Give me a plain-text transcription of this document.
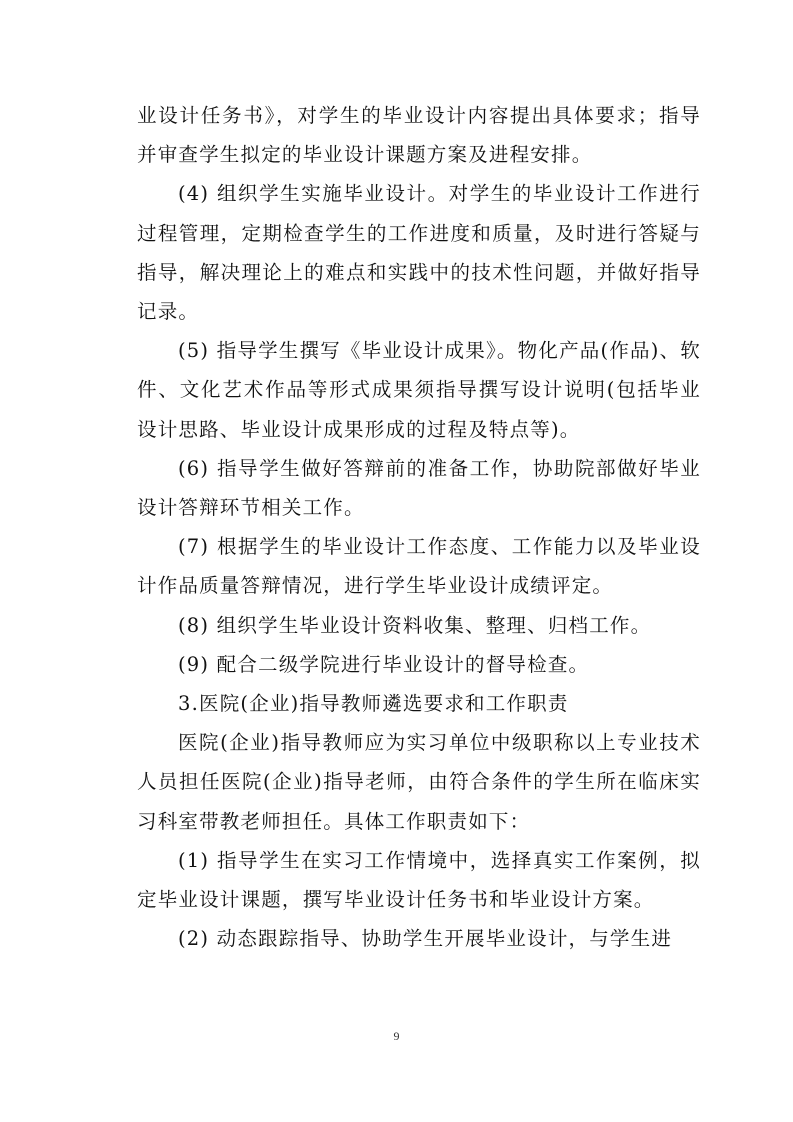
业设计任务书》，对学生的毕业设计内容提出具体要求；指导并审查学生拟定的毕业设计课题方案及进程安排。

(4) 组织学生实施毕业设计。对学生的毕业设计工作进行过程管理，定期检查学生的工作进度和质量，及时进行答疑与指导，解决理论上的难点和实践中的技术性问题，并做好指导记录。

(5) 指导学生撰写《毕业设计成果》。物化产品(作品)、软件、文化艺术作品等形式成果须指导撰写设计说明(包括毕业设计思路、毕业设计成果形成的过程及特点等)。

(6) 指导学生做好答辩前的准备工作，协助院部做好毕业设计答辩环节相关工作。

(7) 根据学生的毕业设计工作态度、工作能力以及毕业设计作品质量答辩情况，进行学生毕业设计成绩评定。

(8) 组织学生毕业设计资料收集、整理、归档工作。

(9) 配合二级学院进行毕业设计的督导检查。

3.医院(企业)指导教师遴选要求和工作职责

医院(企业)指导教师应为实习单位中级职称以上专业技术人员担任医院(企业)指导老师，由符合条件的学生所在临床实习科室带教老师担任。具体工作职责如下：

(1) 指导学生在实习工作情境中，选择真实工作案例，拟定毕业设计课题，撰写毕业设计任务书和毕业设计方案。

(2) 动态跟踪指导、协助学生开展毕业设计，与学生进

9
